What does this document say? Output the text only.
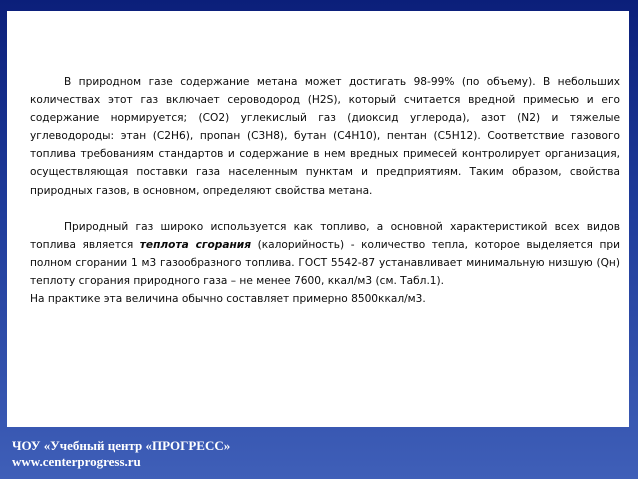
В природном газе содержание метана может достигать 98-99% (по объему). В небольших количествах этот газ включает сероводород (H2S), который считается вредной примесью и его содержание нормируется; (СО2) углекислый газ (диоксид углерода), азот (N2) и тяжелые углеводороды: этан (С2Н6), пропан (С3Н8), бутан (С4Н10), пентан (С5Н12). Соответствие газового топлива требованиям стандартов и содержание в нем вредных примесей контролирует организация, осуществляющая поставки газа населенным пунктам и предприятиям. Таким образом, свойства природных газов, в основном, определяют свойства метана.

Природный газ широко используется как топливо, а основной характеристикой всех видов топлива является теплота сгорания (калорийность) - количество тепла, которое выделяется при полном сгорании 1 м3 газообразного топлива. ГОСТ 5542-87 устанавливает минимальную низшую (Qн) теплоту сгорания природного газа – не менее 7600, ккал/м3 (см. Табл.1).

На практике эта величина обычно составляет примерно 8500ккал/м3.

ЧОУ «Учебный центр «ПРОГРЕСС»
www.centerprogress.ru
